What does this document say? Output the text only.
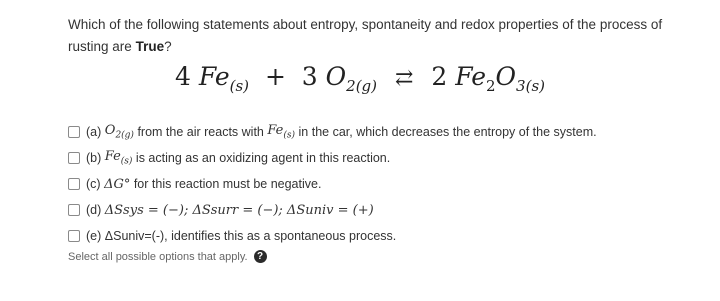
Which of the following statements about entropy, spontaneity and redox properties of the process of rusting are True?
4 $Fe_{(s)} + 3$ $O_{2(g)}$ ⇄ 2 $Fe_2O_{3(s)}$
(a)
$O_{2(g)}$
from the air reacts with
$Fe_{(s)}$
in the car, which decreases the entropy of the system.
(b)
$Fe_{(s)}$
is acting as an oxidizing agent in this reaction.
(c)
ΔG°
for this reaction must be negative.
(d)
ΔSsys = (−); ΔSsurr = (−); ΔSuniv = (+)
(e)
ΔSuniv=(-), identifies this as a spontaneous process.
Select all possible options that apply. ?
